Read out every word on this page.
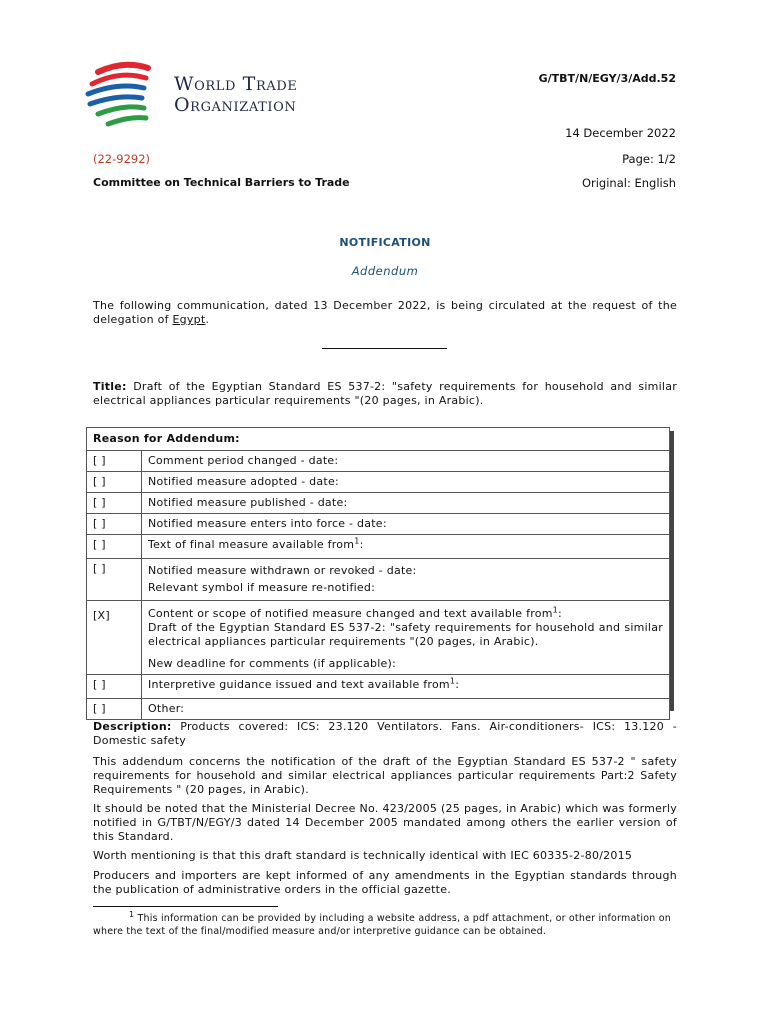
World Trade
Organization
G/TBT/N/EGY/3/Add.52
14 December 2022
(22-9292)	Page: 1/2
Committee on Technical Barriers to Trade	Original: English
NOTIFICATION
Addendum
The following communication, dated 13 December 2022, is being circulated at the request of the delegation of Egypt.
Title: Draft of the Egyptian Standard ES 537-2: "safety requirements for household and similar electrical appliances particular requirements "(20 pages, in Arabic).
Reason for Addendum:	
[ ]	Comment period changed - date:
[ ]	Notified measure adopted - date:
[ ]	Notified measure published - date:
[ ]	Notified measure enters into force - date:
[ ]	Text of final measure available from$^1$:
[ ]	Notified measure withdrawn or revoked - date:
Relevant symbol if measure re-notified:

[X]	Content or scope of notified measure changed and text available from$^1$:
Draft of the Egyptian Standard ES 537-2: "safety requirements for household and similar electrical appliances particular requirements "(20 pages, in Arabic).
New deadline for comments (if applicable):

[ ]	Interpretive guidance issued and text available from$^1$:
[ ]	Other:
Description: Products covered: ICS: 23.120 Ventilators. Fans. Air-conditioners- ICS: 13.120 - Domestic safety
This addendum concerns the notification of the draft of the Egyptian Standard ES 537-2 " safety requirements for household and similar electrical appliances particular requirements Part:2 Safety Requirements " (20 pages, in Arabic).
It should be noted that the Ministerial Decree No. 423/2005 (25 pages, in Arabic) which was formerly notified in G/TBT/N/EGY/3 dated 14 December 2005 mandated among others the earlier version of this Standard.
Worth mentioning is that this draft standard is technically identical with IEC 60335-2-80/2015
Producers and importers are kept informed of any amendments in the Egyptian standards through the publication of administrative orders in the official gazette.
$^1$ This information can be provided by including a website address, a pdf attachment, or other information on where the text of the final/modified measure and/or interpretive guidance can be obtained.
